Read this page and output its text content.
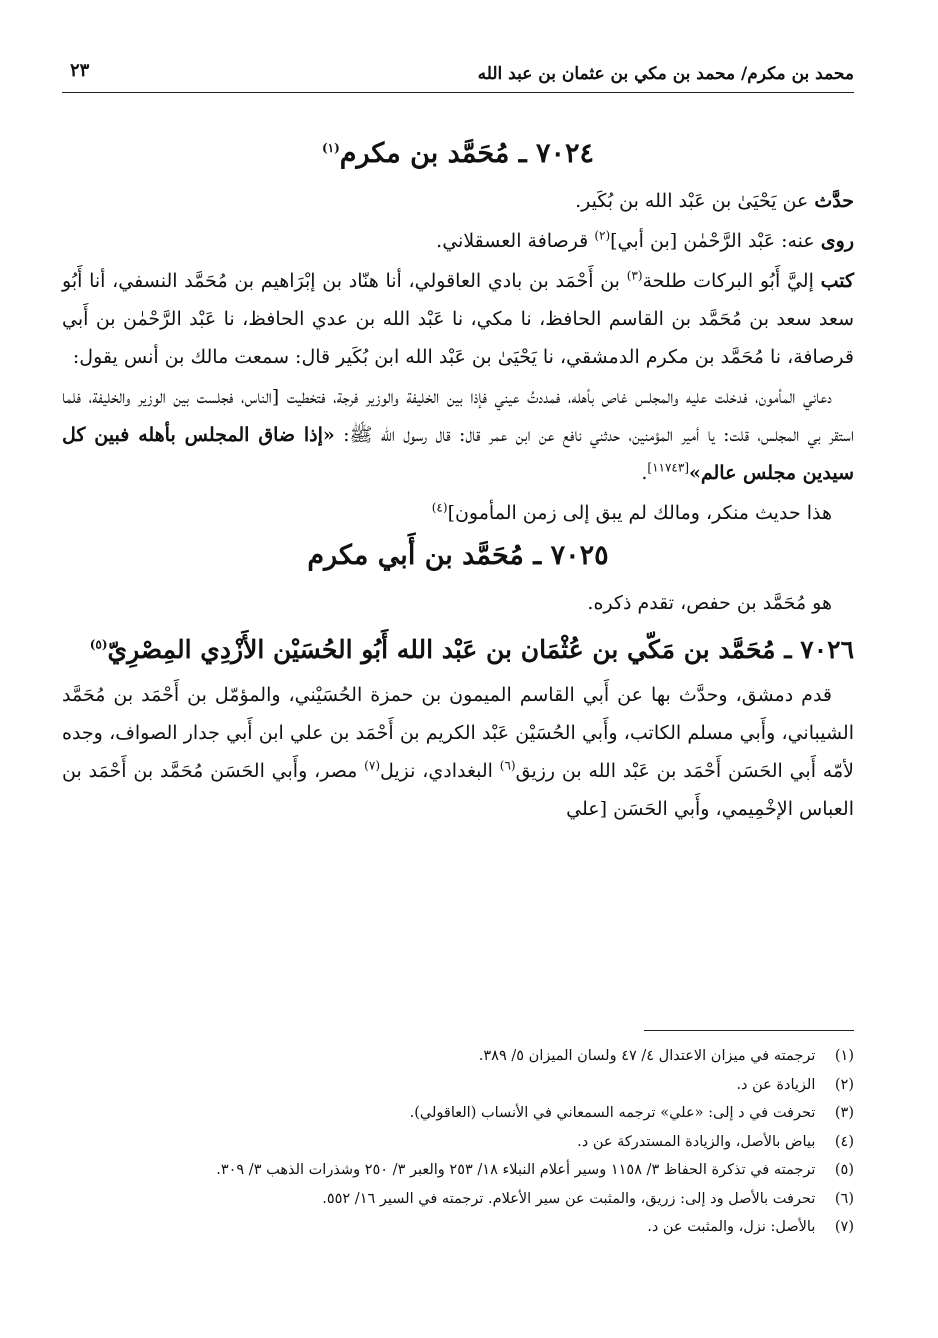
محمد بن مكرم/ محمد بن مكي بن عثمان بن عبد الله
٢٣
٧٠٢٤ ـ مُحَمَّد بن مكرم$^{(١)}$

حدَّث عن يَحْيَىٰ بن عَبْد الله بن بُكَير.

روى عنه: عَبْد الرَّحْمٰن [بن أبي]$^{(٢)}$ قرصافة العسقلاني.

كتب إليَّ أَبُو البركات طلحة$^{(٣)}$ بن أَحْمَد بن بادي العاقولي، أنا هنّاد بن إبْرَاهيم بن مُحَمَّد النسفي، أنا أَبُو سعد سعد بن مُحَمَّد بن القاسم الحافظ، نا مكي، نا عَبْد الله بن عدي الحافظ، نا عَبْد الرَّحْمٰن بن أَبي قرصافة، نا مُحَمَّد بن مكرم الدمشقي، نا يَحْيَىٰ بن عَبْد الله ابن بُكَير قال: سمعت مالك بن أنس يقول:

دعاني المأمون، فدخلت عليه والمجلس غاص بأهله، فمددتُ عيني فإذا بين الخليفة والوزير فرجة، فتخطيت [الناس، فجلست بين الوزير والخليفة، فلما استقر بي المجلس، قلت: يا أمير المؤمنين، حدثني نافع عن ابن عمر قال: قال رسول الله ﷺ: «إذا ضاق المجلس بأهله فبين كل سيدين مجلس عالم»[١١٧٤٣].

هذا حديث منكر، ومالك لم يبق إلى زمن المأمون]$^{(٤)}$

٧٠٢٥ ـ مُحَمَّد بن أَبي مكرم

هو مُحَمَّد بن حفص، تقدم ذكره.

٧٠٢٦ ـ مُحَمَّد بن مَكّي بن عُثْمَان بن عَبْد الله أَبُو الحُسَيْن الأَزْدِي المِصْرِيّ$^{(٥)}$

قدم دمشق، وحدَّث بها عن أَبي القاسم الميمون بن حمزة الحُسَيْني، والمؤمّل بن أَحْمَد بن مُحَمَّد الشيباني، وأَبي مسلم الكاتب، وأَبي الحُسَيْن عَبْد الكريم بن أَحْمَد بن علي ابن أَبي جدار الصواف، وجده لأمّه أَبي الحَسَن أَحْمَد بن عَبْد الله بن رزيق$^{(٦)}$ البغدادي، نزيل$^{(٧)}$ مصر، وأَبي الحَسَن مُحَمَّد بن أَحْمَد بن العباس الإخْمِيمي، وأَبي الحَسَن [علي

(١) ترجمته في ميزان الاعتدال ٤/ ٤٧ ولسان الميزان ٥/ ٣٨٩.
(٢) الزيادة عن د.
(٣) تحرفت في د إلى: «علي» ترجمه السمعاني في الأنساب (العاقولي).
(٤) بياض بالأصل، والزيادة المستدركة عن د.
(٥) ترجمته في تذكرة الحفاظ ٣/ ١١٥٨ وسير أعلام النبلاء ١٨/ ٢٥٣ والعبر ٣/ ٢٥٠ وشذرات الذهب ٣/ ٣٠٩.
(٦) تحرفت بالأصل ود إلى: زريق، والمثبت عن سير الأعلام. ترجمته في السير ١٦/ ٥٥٢.
(٧) بالأصل: نزل، والمثبت عن د.
